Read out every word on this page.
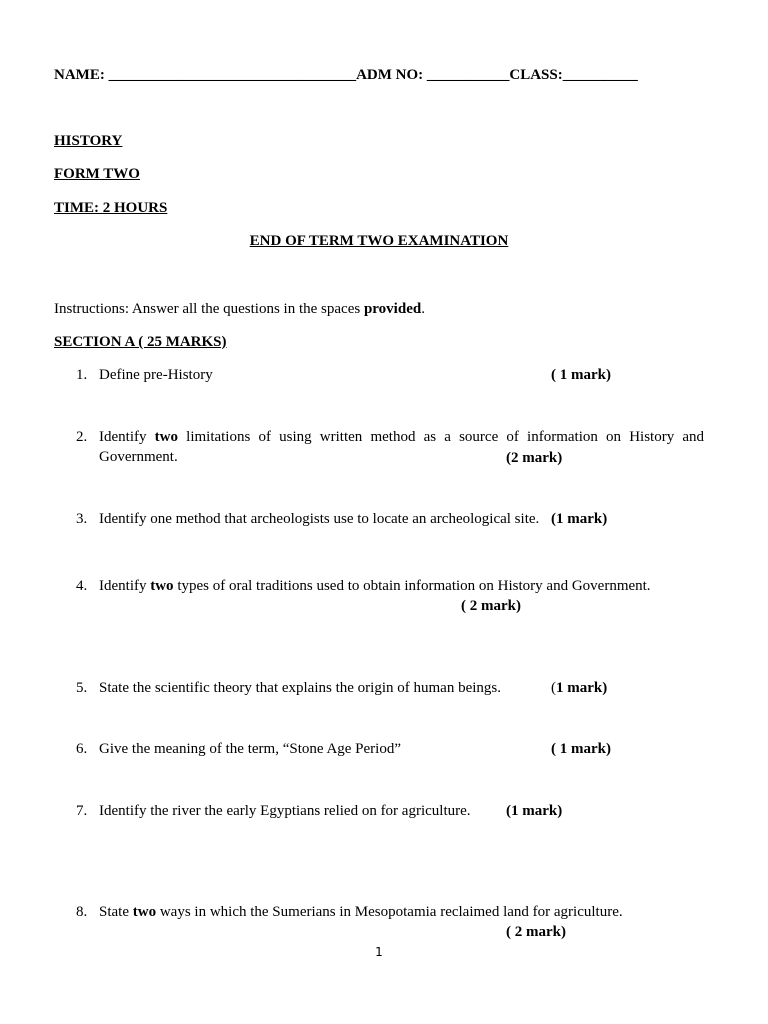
NAME: _________________________________ADM NO: ___________CLASS:__________
HISTORY
FORM TWO
TIME: 2 HOURS
END OF TERM TWO EXAMINATION
Instructions: Answer all the questions in the spaces provided.
SECTION A ( 25 MARKS)
1. Define pre-History	( 1 mark)
2. Identify two limitations of using written method as a source of information on History and Government.	(2 mark)
3. Identify one method that archeologists use to locate an archeological site. (1 mark)
4. Identify two types of oral traditions used to obtain information on History and Government.
( 2 mark)
5. State the scientific theory that explains the origin of human beings.	(1 mark)
6. Give the meaning of the term, “Stone Age Period”	( 1 mark)
7. Identify the river the early Egyptians relied on for agriculture. (1 mark)
8. State two ways in which the Sumerians in Mesopotamia reclaimed land for agriculture.
( 2 mark)
1
